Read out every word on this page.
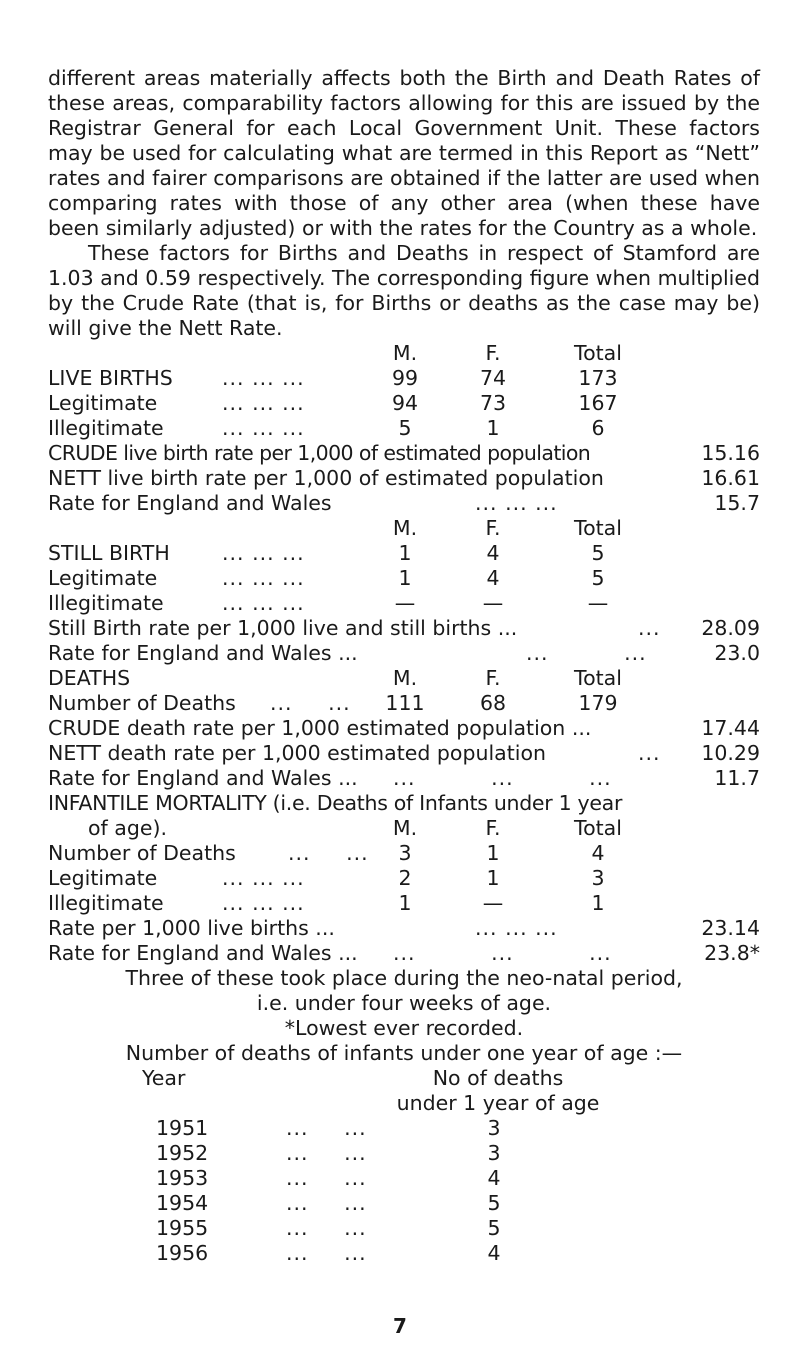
different areas materially affects both the Birth and Death Rates of these areas, comparability factors allowing for this are issued by the Registrar General for each Local Government Unit. These factors may be used for calculating what are termed in this Report as “Nett” rates and fairer comparisons are obtained if the latter are used when comparing rates with those of any other area (when these have been similarly adjusted) or with the rates for the Country as a whole.

These factors for Births and Deaths in respect of Stamford are 1.03 and 0.59 respectively. The corresponding figure when multiplied by the Crude Rate (that is, for Births or deaths as the case may be) will give the Nett Rate.

M.	F.	Total
LIVE BIRTHS ... ... ...	99	74	173
Legitimate	... ... ...	94	73	167
Illegitimate	... ... ...	5	1	6
CRUDE live birth rate per 1,000 of estimated population	15.16
NETT live birth rate per 1,000 of estimated population	16.61
Rate for England and Wales	... ... ...	15.7
M.	F.	Total
STILL BIRTH	... ... ...	1	4	5
Legitimate	... ... ...	1	4	5
Illegitimate	... ... ...	—	—	—
Still Birth rate per 1,000 live and still births ...	... 28.09
Rate for England and Wales ...	... ...	23.0
DEATHS	M.	F.	Total
Number of Deaths ... ... 111	68	179
CRUDE death rate per 1,000 estimated population ...	17.44
NETT death rate per 1,000 estimated population	... 10.29
Rate for England and Wales ... ... ... ...	11.7
INFANTILE MORTALITY (i.e. Deaths of Infants under 1 year
of age).	M.	F.	Total
Number of Deaths	... ...	3	1	4
Legitimate	... ... ...	2	1	3
Illegitimate	... ... ...	1	—	1
Rate per 1,000 live births ...	... ... ...	23.14
Rate for England and Wales ... ... ... ...	23.8*
Three of these took place during the neo-natal period,
i.e. under four weeks of age.
*Lowest ever recorded.
Number of deaths of infants under one year of age :—
Year	No of deaths
under 1 year of age
1951	... ...	3
1952	... ...	3
1953	... ...	4
1954	... ...	5
1955	... ...	5
1956	... ...	4
7
